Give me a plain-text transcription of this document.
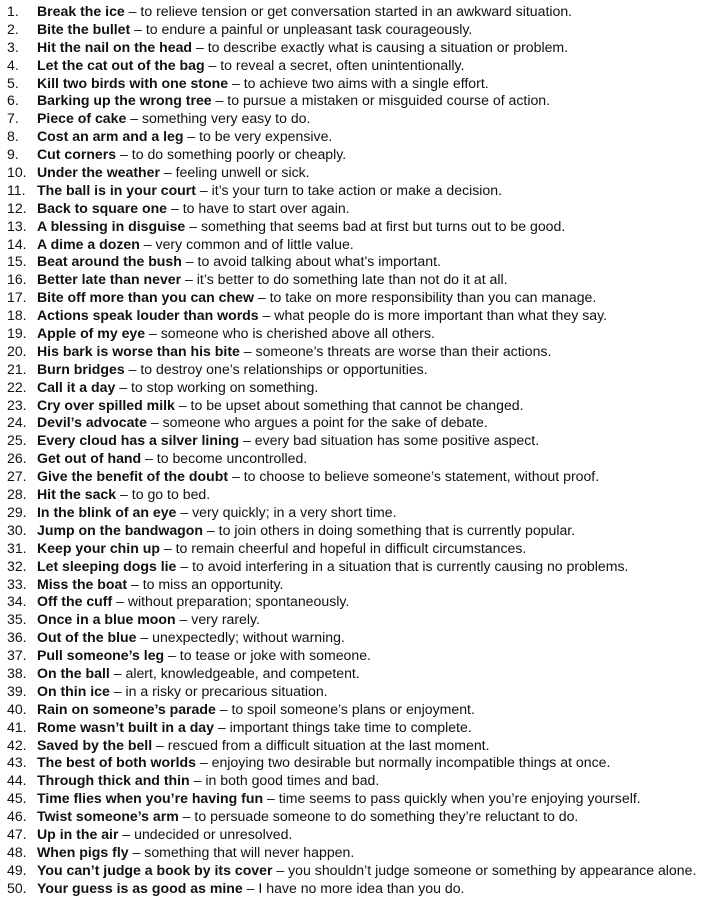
1. Break the ice – to relieve tension or get conversation started in an awkward situation.
2. Bite the bullet – to endure a painful or unpleasant task courageously.
3. Hit the nail on the head – to describe exactly what is causing a situation or problem.
4. Let the cat out of the bag – to reveal a secret, often unintentionally.
5. Kill two birds with one stone – to achieve two aims with a single effort.
6. Barking up the wrong tree – to pursue a mistaken or misguided course of action.
7. Piece of cake – something very easy to do.
8. Cost an arm and a leg – to be very expensive.
9. Cut corners – to do something poorly or cheaply.
10. Under the weather – feeling unwell or sick.
11. The ball is in your court – it’s your turn to take action or make a decision.
12. Back to square one – to have to start over again.
13. A blessing in disguise – something that seems bad at first but turns out to be good.
14. A dime a dozen – very common and of little value.
15. Beat around the bush – to avoid talking about what’s important.
16. Better late than never – it’s better to do something late than not do it at all.
17. Bite off more than you can chew – to take on more responsibility than you can manage.
18. Actions speak louder than words – what people do is more important than what they say.
19. Apple of my eye – someone who is cherished above all others.
20. His bark is worse than his bite – someone’s threats are worse than their actions.
21. Burn bridges – to destroy one’s relationships or opportunities.
22. Call it a day – to stop working on something.
23. Cry over spilled milk – to be upset about something that cannot be changed.
24. Devil’s advocate – someone who argues a point for the sake of debate.
25. Every cloud has a silver lining – every bad situation has some positive aspect.
26. Get out of hand – to become uncontrolled.
27. Give the benefit of the doubt – to choose to believe someone’s statement, without proof.
28. Hit the sack – to go to bed.
29. In the blink of an eye – very quickly; in a very short time.
30. Jump on the bandwagon – to join others in doing something that is currently popular.
31. Keep your chin up – to remain cheerful and hopeful in difficult circumstances.
32. Let sleeping dogs lie – to avoid interfering in a situation that is currently causing no problems.
33. Miss the boat – to miss an opportunity.
34. Off the cuff – without preparation; spontaneously.
35. Once in a blue moon – very rarely.
36. Out of the blue – unexpectedly; without warning.
37. Pull someone’s leg – to tease or joke with someone.
38. On the ball – alert, knowledgeable, and competent.
39. On thin ice – in a risky or precarious situation.
40. Rain on someone’s parade – to spoil someone’s plans or enjoyment.
41. Rome wasn’t built in a day – important things take time to complete.
42. Saved by the bell – rescued from a difficult situation at the last moment.
43. The best of both worlds – enjoying two desirable but normally incompatible things at once.
44. Through thick and thin – in both good times and bad.
45. Time flies when you’re having fun – time seems to pass quickly when you’re enjoying yourself.
46. Twist someone’s arm – to persuade someone to do something they’re reluctant to do.
47. Up in the air – undecided or unresolved.
48. When pigs fly – something that will never happen.
49. You can’t judge a book by its cover – you shouldn’t judge someone or something by appearance alone.
50. Your guess is as good as mine – I have no more idea than you do.
